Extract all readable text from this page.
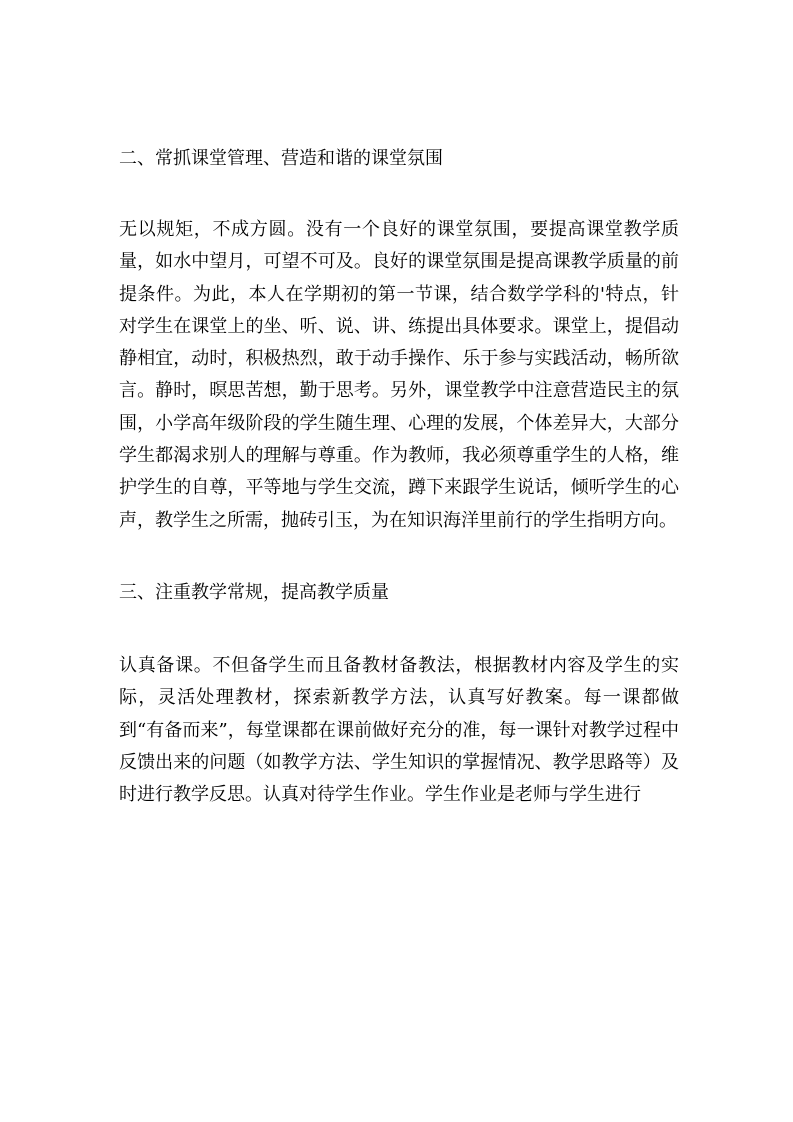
二、常抓课堂管理、营造和谐的课堂氛围

无以规矩，不成方圆。没有一个良好的课堂氛围，要提高课堂教学质量，如水中望月，可望不可及。良好的课堂氛围是提高课教学质量的前提条件。为此，本人在学期初的第一节课，结合数学学科的'特点，针对学生在课堂上的坐、听、说、讲、练提出具体要求。课堂上，提倡动静相宜，动时，积极热烈，敢于动手操作、乐于参与实践活动，畅所欲言。静时，暝思苦想，勤于思考。另外，课堂教学中注意营造民主的氛围，小学高年级阶段的学生随生理、心理的发展，个体差异大，大部分学生都渴求别人的理解与尊重。作为教师，我必须尊重学生的人格，维护学生的自尊，平等地与学生交流，蹲下来跟学生说话，倾听学生的心声，教学生之所需，抛砖引玉，为在知识海洋里前行的学生指明方向。

三、注重教学常规，提高教学质量

认真备课。不但备学生而且备教材备教法，根据教材内容及学生的实际，灵活处理教材，探索新教学方法，认真写好教案。每一课都做到“有备而来”，每堂课都在课前做好充分的准，每一课针对教学过程中反馈出来的问题（如教学方法、学生知识的掌握情况、教学思路等）及时进行教学反思。认真对待学生作业。学生作业是老师与学生进行
